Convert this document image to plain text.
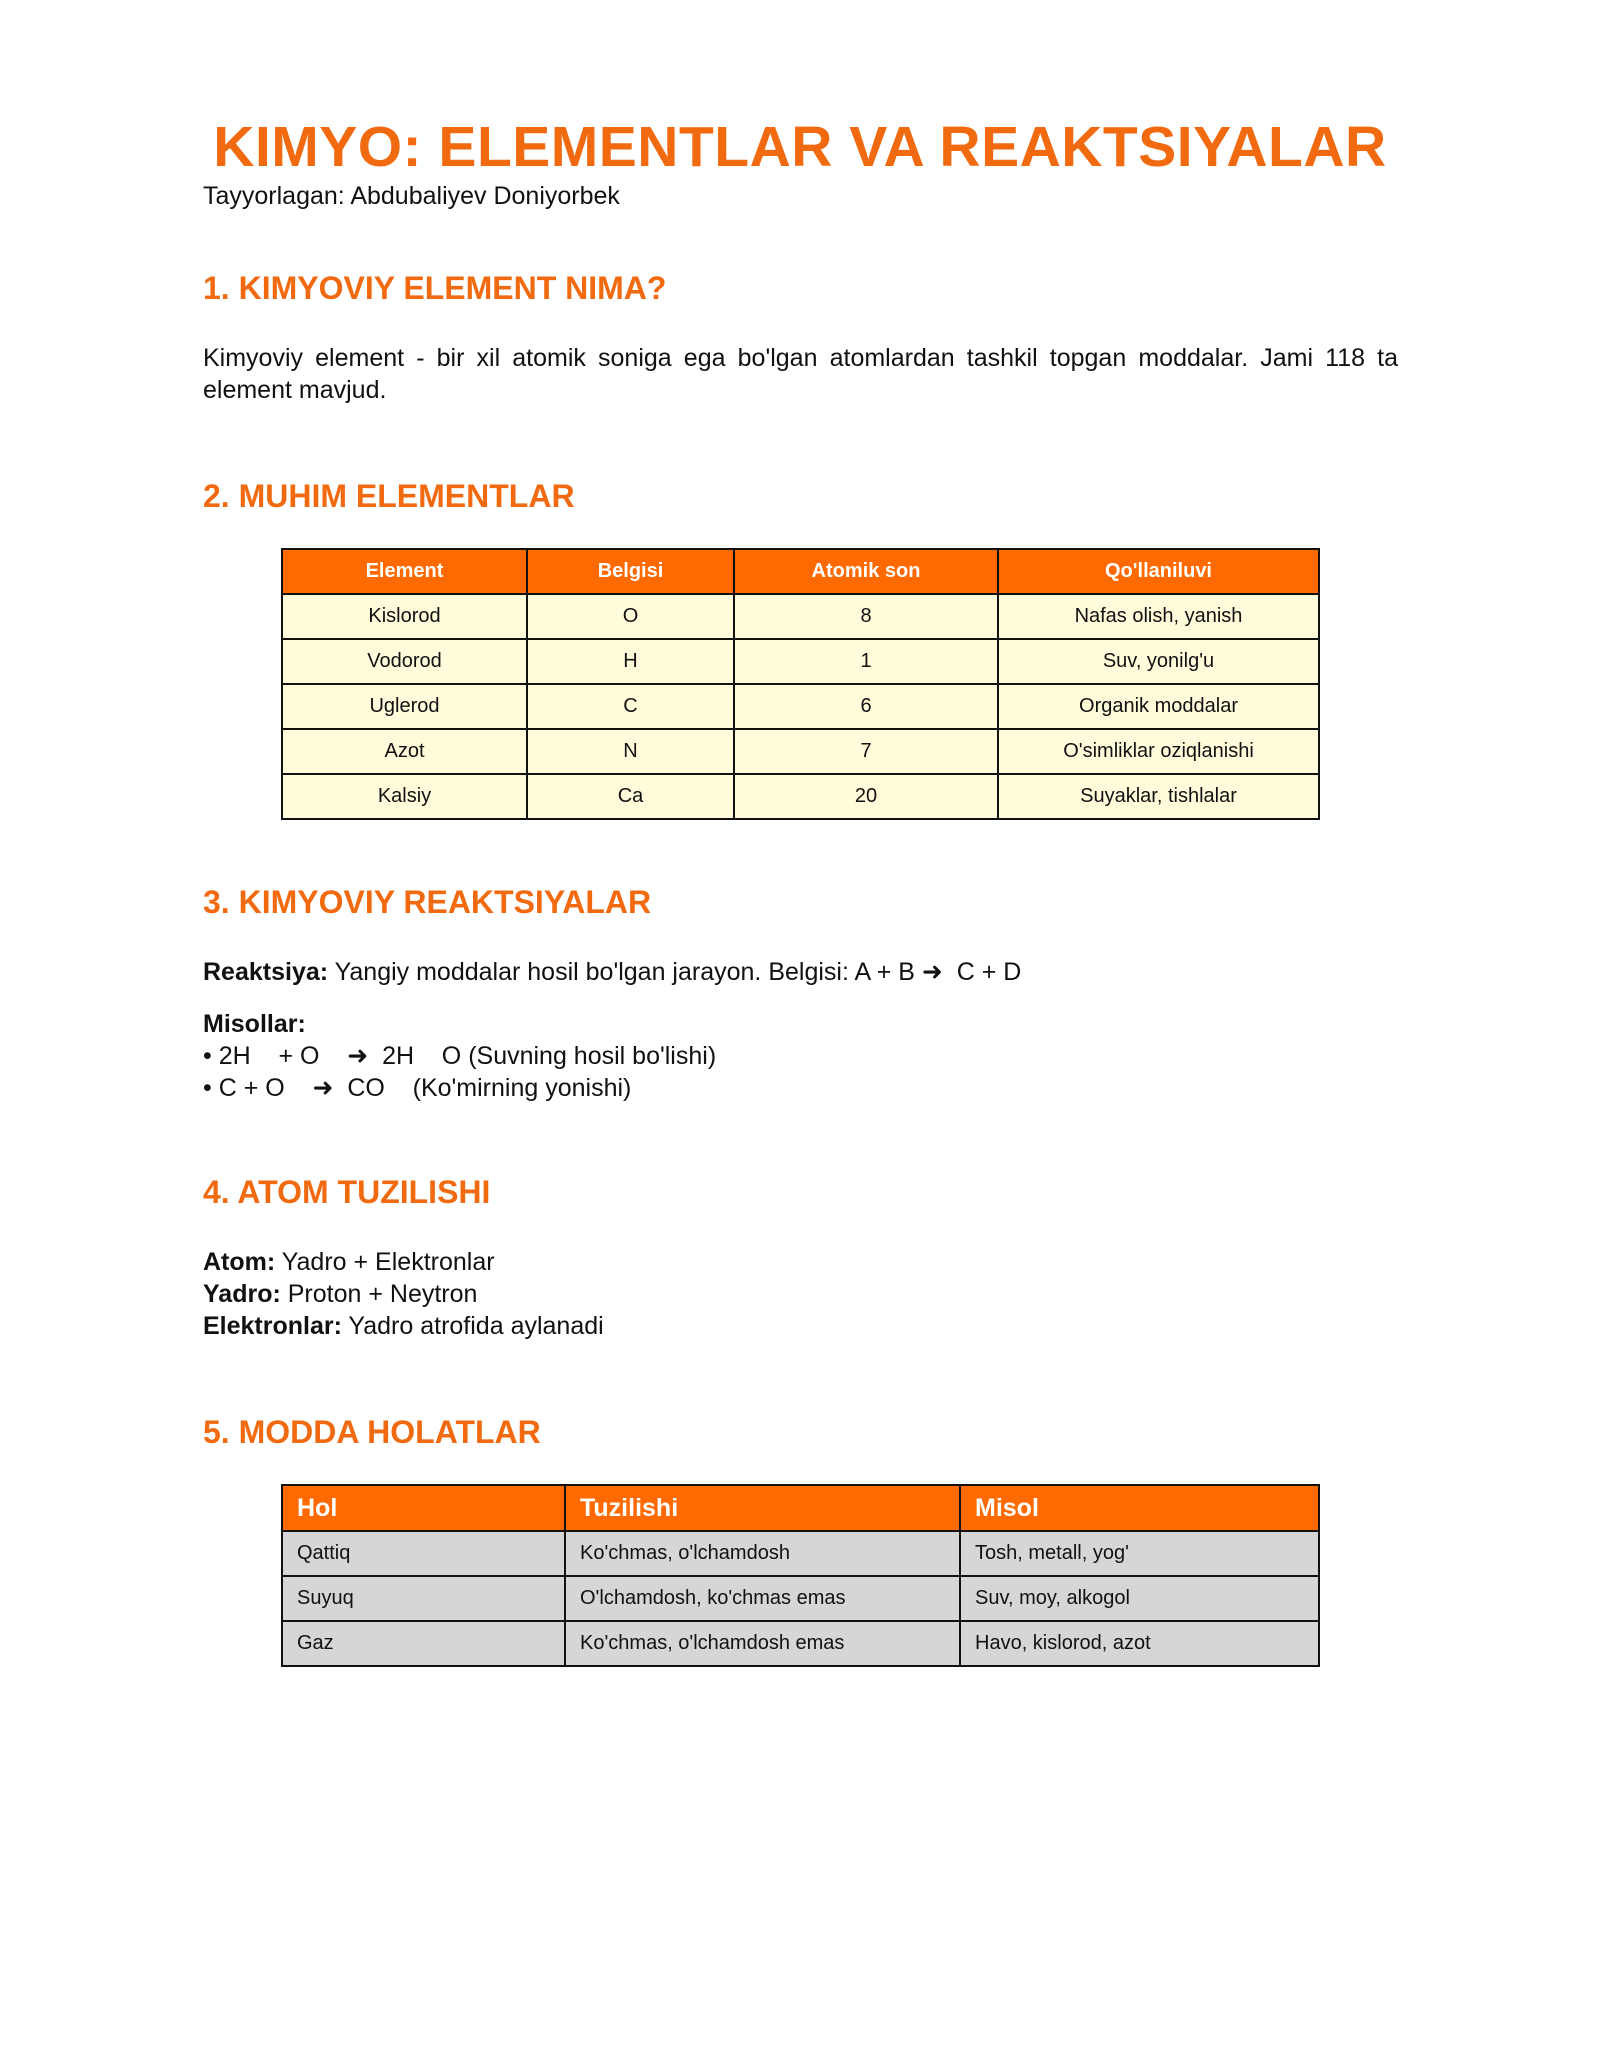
KIMYO: ELEMENTLAR VA REAKTSIYALAR
Tayyorlagan: Abdubaliyev Doniyorbek
1. KIMYOVIY ELEMENT NIMA?
Kimyoviy element - bir xil atomik soniga ega bo'lgan atomlardan tashkil topgan moddalar. Jami 118 ta element mavjud.
2. MUHIM ELEMENTLAR
Element	Belgisi	Atomik son	Qo'llaniluvi
Kislorod	O	8	Nafas olish, yanish
Vodorod	H	1	Suv, yonilg'u
Uglerod	C	6	Organik moddalar
Azot	N	7	O'simliklar oziqlanishi
Kalsiy	Ca	20	Suyaklar, tishlalar
3. KIMYOVIY REAKTSIYALAR
Reaktsiya: Yangiy moddalar hosil bo'lgan jarayon. Belgisi: A + B ➜  C + D
Misollar:
• 2H    + O    ➜  2H    O (Suvning hosil bo'lishi)
• C + O    ➜  CO    (Ko'mirning yonishi)
4. ATOM TUZILISHI
Atom: Yadro + Elektronlar
Yadro: Proton + Neytron
Elektronlar: Yadro atrofida aylanadi
5. MODDA HOLATLAR
Hol	Tuzilishi	Misol
Qattiq	Ko'chmas, o'lchamdosh	Tosh, metall, yog'
Suyuq	O'lchamdosh, ko'chmas emas	Suv, moy, alkogol
Gaz	Ko'chmas, o'lchamdosh emas	Havo, kislorod, azot
